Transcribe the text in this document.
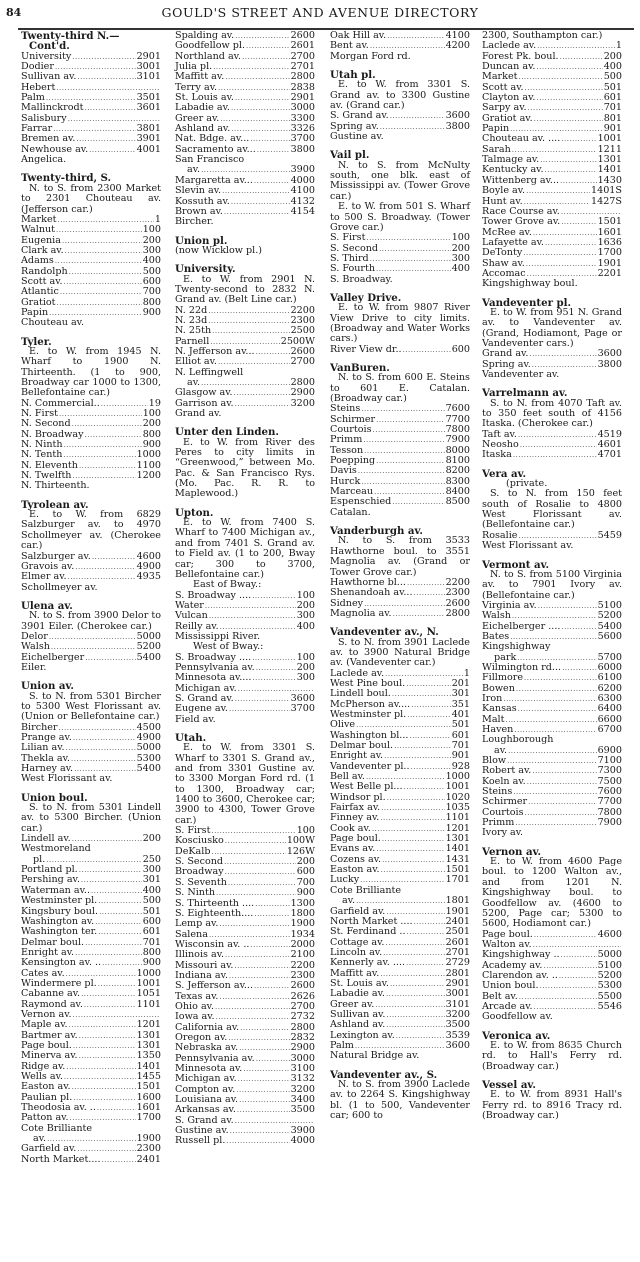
84	GOULD'S STREET AND AVENUE DIRECTORY
Twenty-third N.—
Cont'd.
University .....	2901
Dodier .....	3001
Sullivan av. .....	3101
Hebert
.....
Palm .....	3501
Mallinckrodt .....	3601
Salisbury
.....
Farrar .....	3801
Bremen av. .....	3901
Newhouse av. .....	4001
Angelica.
Twenty-third, S.
N. to S. from 2300 Market to 2301 Chouteau av. (Jefferson car.)
Market .....	1
Walnut .....	100
Eugenia .....	200
Clark av. .....	300
Adams .....	400
Randolph .....	500
Scott av. .....	600
Atlantic .....	700
Gratiot .....	800
Papin .....	900
Chouteau av.
Tyler.
E. to W. from 1945 N. Wharf to 1900 N. Thirteenth. (1 to 900, Broadway car 1000 to 1300, Bellefontaine car.)
N. Commercial.. .....	19
N. First .....	100
N. Second .....	200
N. Broadway .....	800
N. Ninth .....	900
N. Tenth .....	1000
N. Eleventh .....	1100
N. Twelfth .....	1200
N. Thirteenth.
Tyrolean av.
E. to W. from 6829 Salzburger av. to 4970 Schollmeyer av. (Cherokee car.)
Salzburger av. .....	4600
Gravois av. .....	4900
Elmer av. .....	4935
Schollmeyer av.
Ulena av.
N. to S. from 3900 Delor to 3901 Eiler. (Cherokee car.)
Delor .....	5000
Walsh .....	5200
Eichelberger .....	5400
Eiler.
Union av.
S. to N. from 5301 Bircher to 5300 West Florissant av. (Union or Bellefontaine car.)
Bircher .....	4500
Prange av. .....	4900
Lilian av. .....	5000
Thekla av. .....	5300
Harney av. .....	5400
West Florissant av.
Union boul.
S. to N. from 5301 Lindell av. to 5300 Bircher. (Union car.)
Lindell av. .....	200
Westmoreland
pl. .....	250
Portland pl. .....	300
Pershing av. .....	301
Waterman av.. .....	400
Westminster pl. .....	500
Kingsbury boul. .....	501
Washington av. .....	600
Washington ter. .....	601
Delmar boul. .....	701
Enright av. .....	800
Kensington av. .. .....	900
Cates av. .....	1000
Windermere pl. .....	1001
Cabanne av. .....	1051
Raymond av. .....	1101
Vernon av.
.....
Maple av. .....	1201
Bartmer av. .....	1301
Page boul. .....	1301
Minerva av. .....	1350
Ridge av. .....	1401
Wells av. .....	1455
Easton av. .....	1501
Paulian pl. .....	1600
Theodosia av. .. .....	1601
Patton av. .....	1700
Cote Brilliante
av. .....	1900
Garfield av. .....	2300
North Market.... .....	2401
Spalding av. .....	2600
Goodfellow pl. .....	2601
Northland av. .....	2700
Julia pl. .....	2701
Maffitt av. .....	2800
Terry av. .....	2838
St. Louis av. .....	2901
Labadie av. .....	3000
Greer av. .....	3300
Ashland av. .....	3326
Nat. Bdge. av... .....	3700
Sacramento av... .....	3800
San Francisco
av. .....	3900
Margaretta av... .....	4000
Slevin av. .....	4100
Kossuth av. .....	4132
Brown av. .....	4154
Bircher.
Union pl.
(now Wicklow pl.)
University.
E. to W. from 2901 N. Twenty-second to 2832 N. Grand av. (Belt Line car.)
N. 22d .....	2200
N. 23d .....	2300
N. 25th .....	2500
Parnell .....	2500W
N. Jefferson av... .....	2600
Elliot av. .....	2700
N. Leffingwell
av. .....	2800
Glasgow av. .....	2900
Garrison av. .....	3200
Grand av.
Unter den Linden.
E. to W. from River des Peres to city limits in “Greenwood,” between Mo. Pac. & San Francisco Rys. (Mo. Pac. R. R. to Maplewood.)
Upton.
E. to W. from 7400 S. Wharf to 7400 Michigan av., and from 7401 S. Grand av. to Field av. (1 to 200, Bway car; 300 to 3700, Bellefontaine car.)
East of Bway.:
S. Broadway .... .....	100
Water .....	200
Vulcan .....	300
Reilly av. .....	400
Mississippi River.
West of Bway.:
S. Broadway .... .....	100
Pennsylvania av. .....	200
Minnesota av.... .....	300
Michigan av.
.....
S. Grand av. .....	3600
Eugene av. .....	3700
Field av.
Utah.
E. to W. from 3301 S. Wharf to 3301 S. Grand av., and from 3301 Gustine av. to 3300 Morgan Ford rd. (1 to 1300, Broadway car; 1400 to 3600, Cherokee car; 3900 to 4300, Tower Grove car.)
S. First .....	100
Kosciusko .....	100W
DeKalb .....	126W
S. Second .....	200
Broadway .....	600
S. Seventh .....	700
S. Ninth .....	900
S. Thirteenth .... .....	1300
S. Eighteenth.... .....	1800
Lemp av. .....	1900
Salena .....	1934
Wisconsin av. .. .....	2000
Illinois av. .....	2100
Missouri av. .....	2200
Indiana av. .....	2300
S. Jefferson av... .....	2600
Texas av. .....	2626
Ohio av. .....	2700
Iowa av. .....	2732
California av. .....	2800
Oregon av. .....	2832
Nebraska av. .....	2900
Pennsylvania av. .....	3000
Minnesota av. .....	3100
Michigan av. .....	3132
Compton av. .....	3200
Louisiana av. .....	3400
Arkansas av. .....	3500
S. Grand av.
.....
Gustine av. .....	3900
Russell pl. .....	4000
Oak Hill av. .....	4100
Bent av. .....	4200
Morgan Ford rd.
Utah pl.
E. to W. from 3301 S. Grand av. to 3300 Gustine av. (Grand car.)
S. Grand av. .....	3600
Spring av. .....	3800
Gustine av.
Vail pl.
N. to S. from McNulty south, one blk. east of Mississippi av. (Tower Grove car.)
E. to W. from 501 S. Wharf to 500 S. Broadway. (Tower Grove car.)
S. First .....	100
S. Second .....	200
S. Third .....	300
S. Fourth .....	400
S. Broadway.
Valley Drive.
E. to W. from 9807 River View Drive to city limits. (Broadway and Water Works cars.)
River View dr.. .....	600
VanBuren.
N. to S. from 600 E. Steins to 601 E. Catalan. (Broadway car.)
Steins .....	7600
Schirmer .....	7700
Courtois .....	7800
Primm .....	7900
Tesson .....	8000
Poepping .....	8100
Davis .....	8200
Hurck .....	8300
Marceau .....	8400
Espenschied .....	8500
Catalan.
Vanderburgh av.
N. to S. from 3533 Hawthorne boul. to 3551 Magnolia av. (Grand or Tower Grove car.)
Hawthorne bl... .....	2200
Shenandoah av... .....	2300
Sidney .....	2600
Magnolia av. .....	2800
Vandeventer av., N.
S. to N. from 3901 Laclede av. to 3900 Natural Bridge av. (Vandeventer car.)
Laclede av. .....	1
West Pine boul. .....	201
Lindell boul. .....	301
McPherson av.... .....	351
Westminster pl. .....	401
Olive .....	501
Washington bl... .....	601
Delmar boul. .....	701
Enright av. .....	901
Vandeventer pl.. .....	928
Bell av. .....	1000
West Belle pl... .....	1001
Windsor pl. .....	1020
Fairfax av. .....	1035
Finney av. .....	1101
Cook av. .....	1201
Page boul. .....	1301
Evans av. .....	1401
Cozens av. .....	1431
Easton av. .....	1501
Lucky .....	1701
Cote Brilliante
av. .....	1801
Garfield av. .....	1901
North Market .... .....	2401
St. Ferdinand .. .....	2501
Cottage av. .....	2601
Lincoln av. .....	2701
Kennerly av. .... .....	2729
Maffitt av. .....	2801
St. Louis av. .....	2901
Labadie av. .....	3001
Greer av. .....	3101
Sullivan av. .....	3200
Ashland av. .....	3500
Lexington av. .....	3539
Palm .....	3600
Natural Bridge av.
Vandeventer av., S.
N. to S. from 3900 Laclede av. to 2264 S. Kingshighway bl. (1 to 500, Vandeventer car; 600 to
2300, Southampton car.)
Laclede av. .....	1
Forest Pk. boul. .....	200
Duncan av. .....	400
Market .....	500
Scott av. .....	501
Clayton av. .....	601
Sarpy av. .....	701
Gratiot av. .....	801
Papin .....	901
Chouteau av. .... .....	1001
Sarah .....	1211
Talmage av. .....	1301
Kentucky av. .....	1401
Wittenberg av... .....	1430
Boyle av. .....	1401S
Hunt av. .....	1427S
Race Course av.
.....
Tower Grove av. .....	1501
McRee av. .....	1601
Lafayette av. .....	1636
DeTonty .....	1700
Shaw av. .....	1901
Accomac .....	2201
Kingshighway boul.
Vandeventer pl.
E. to W. from 951 N. Grand av. to Vandeventer av. (Grand, Hodiamont, Page or Vandeventer cars.)
Grand av. .....	3600
Spring av. .....	3800
Vandeventer av.
Varrelmann av.
S. to N. from 4070 Taft av. to 350 feet south of 4156 Itaska. (Cherokee car.)
Taft av. .....	4519
Neosho .....	4601
Itaska .....	4701
Vera av.
(private.
S. to N. from 150 feet south of Rosalie to 4800 West Florissant av. (Bellefontaine car.)
Rosalie .....	5459
West Florissant av.
Vermont av.
N. to S. from 5100 Virginia av. to 7901 Ivory av. (Bellefontaine car.)
Virginia av. .....	5100
Walsh .....	5200
Eichelberger .... .....	5400
Bates .....	5600
Kingshighway
park .....	5700
Wilmington rd... .....	6000
Fillmore .....	6100
Bowen .....	6200
Iron .....	6300
Kansas .....	6400
Malt .....	6600
Haven .....	6700
Loughborough
av. .....	6900
Blow .....	7100
Robert av. .....	7300
Koeln av. .....	7500
Steins .....	7600
Schirmer .....	7700
Courtois .....	7800
Primm .....	7900
Ivory av.
Vernon av.
E. to W. from 4600 Page boul. to 1200 Walton av., and from 1201 N. Kingshighway boul. to Goodfellow av. (4600 to 5200, Page car; 5300 to 5600, Hodiamont car.)
Page boul. .....	4600
Walton av.
.....
Kingshighway .. .....	5000
Academy av. .....	5100
Clarendon av. .. .....	5200
Union boul. .....	5300
Belt av. .....	5500
Arcade av. .....	5546
Goodfellow av.
Veronica av.
E. to W. from 8635 Church rd. to Hall's Ferry rd. (Broadway car.)
Vessel av.
E. to W. from 8931 Hall's Ferry rd. to 8916 Tracy rd. (Broadway car.)
